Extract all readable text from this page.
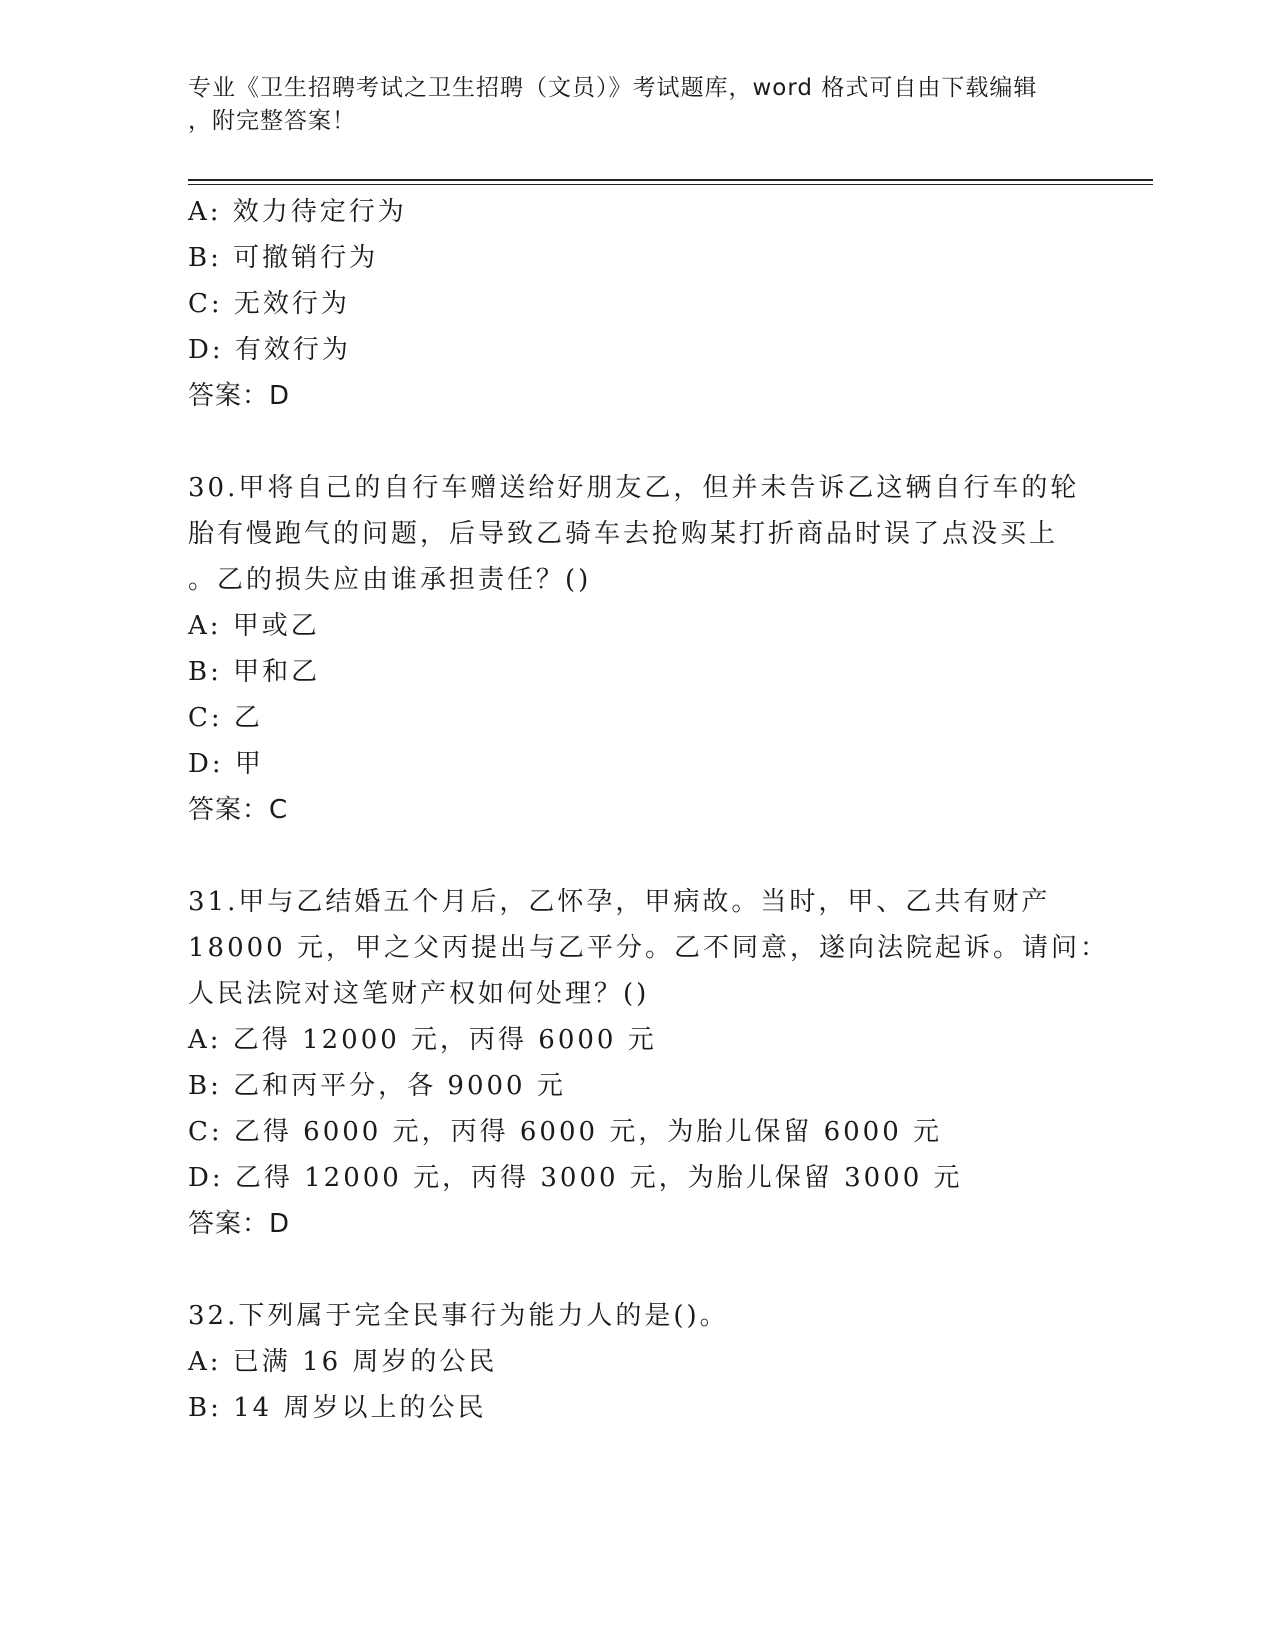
专业《卫生招聘考试之卫生招聘（文员）》考试题库，word 格式可自由下载编辑
，附完整答案！
A: 效力待定行为
B: 可撤销行为
C: 无效行为
D: 有效行为
答案：D
30.甲将自己的自行车赠送给好朋友乙，但并未告诉乙这辆自行车的轮
胎有慢跑气的问题，后导致乙骑车去抢购某打折商品时误了点没买上
。乙的损失应由谁承担责任？()
A: 甲或乙
B: 甲和乙
C: 乙
D: 甲
答案：C
31.甲与乙结婚五个月后，乙怀孕，甲病故。当时，甲、乙共有财产
18000 元，甲之父丙提出与乙平分。乙不同意，遂向法院起诉。请问：
人民法院对这笔财产权如何处理？()
A: 乙得 12000 元，丙得 6000 元
B: 乙和丙平分，各 9000 元
C: 乙得 6000 元，丙得 6000 元，为胎儿保留 6000 元
D: 乙得 12000 元，丙得 3000 元，为胎儿保留 3000 元
答案：D
32.下列属于完全民事行为能力人的是()。
A: 已满 16 周岁的公民
B: 14 周岁以上的公民
